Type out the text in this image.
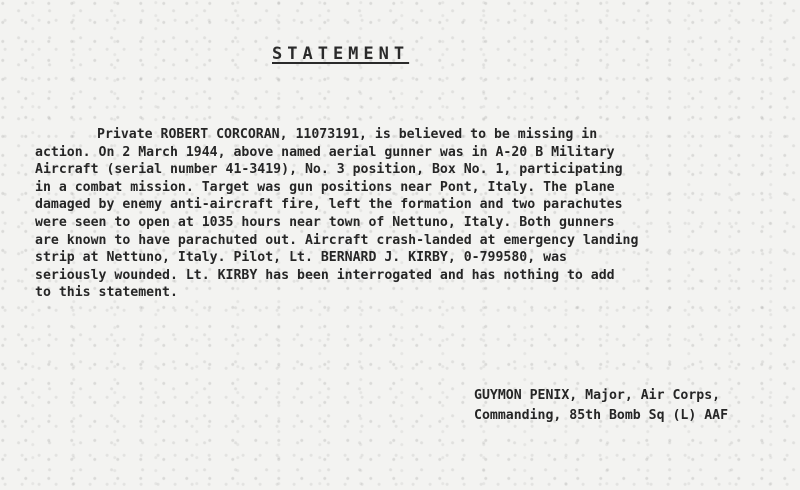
STATEMENT
Private ROBERT CORCORAN, 11073191, is believed to be missing in
action. On 2 March 1944, above named aerial gunner was in A-20 B Military
Aircraft (serial number 41-3419), No. 3 position, Box No. 1, participating
in a combat mission. Target was gun positions near Pont, Italy. The plane
damaged by enemy anti-aircraft fire, left the formation and two parachutes
were seen to open at 1035 hours near town of Nettuno, Italy. Both gunners
are known to have parachuted out. Aircraft crash-landed at emergency landing
strip at Nettuno, Italy. Pilot, Lt. BERNARD J. KIRBY, 0-799580, was
seriously wounded. Lt. KIRBY has been interrogated and has nothing to add
to this statement.
GUYMON PENIX, Major, Air Corps,
Commanding, 85th Bomb Sq (L) AAF
